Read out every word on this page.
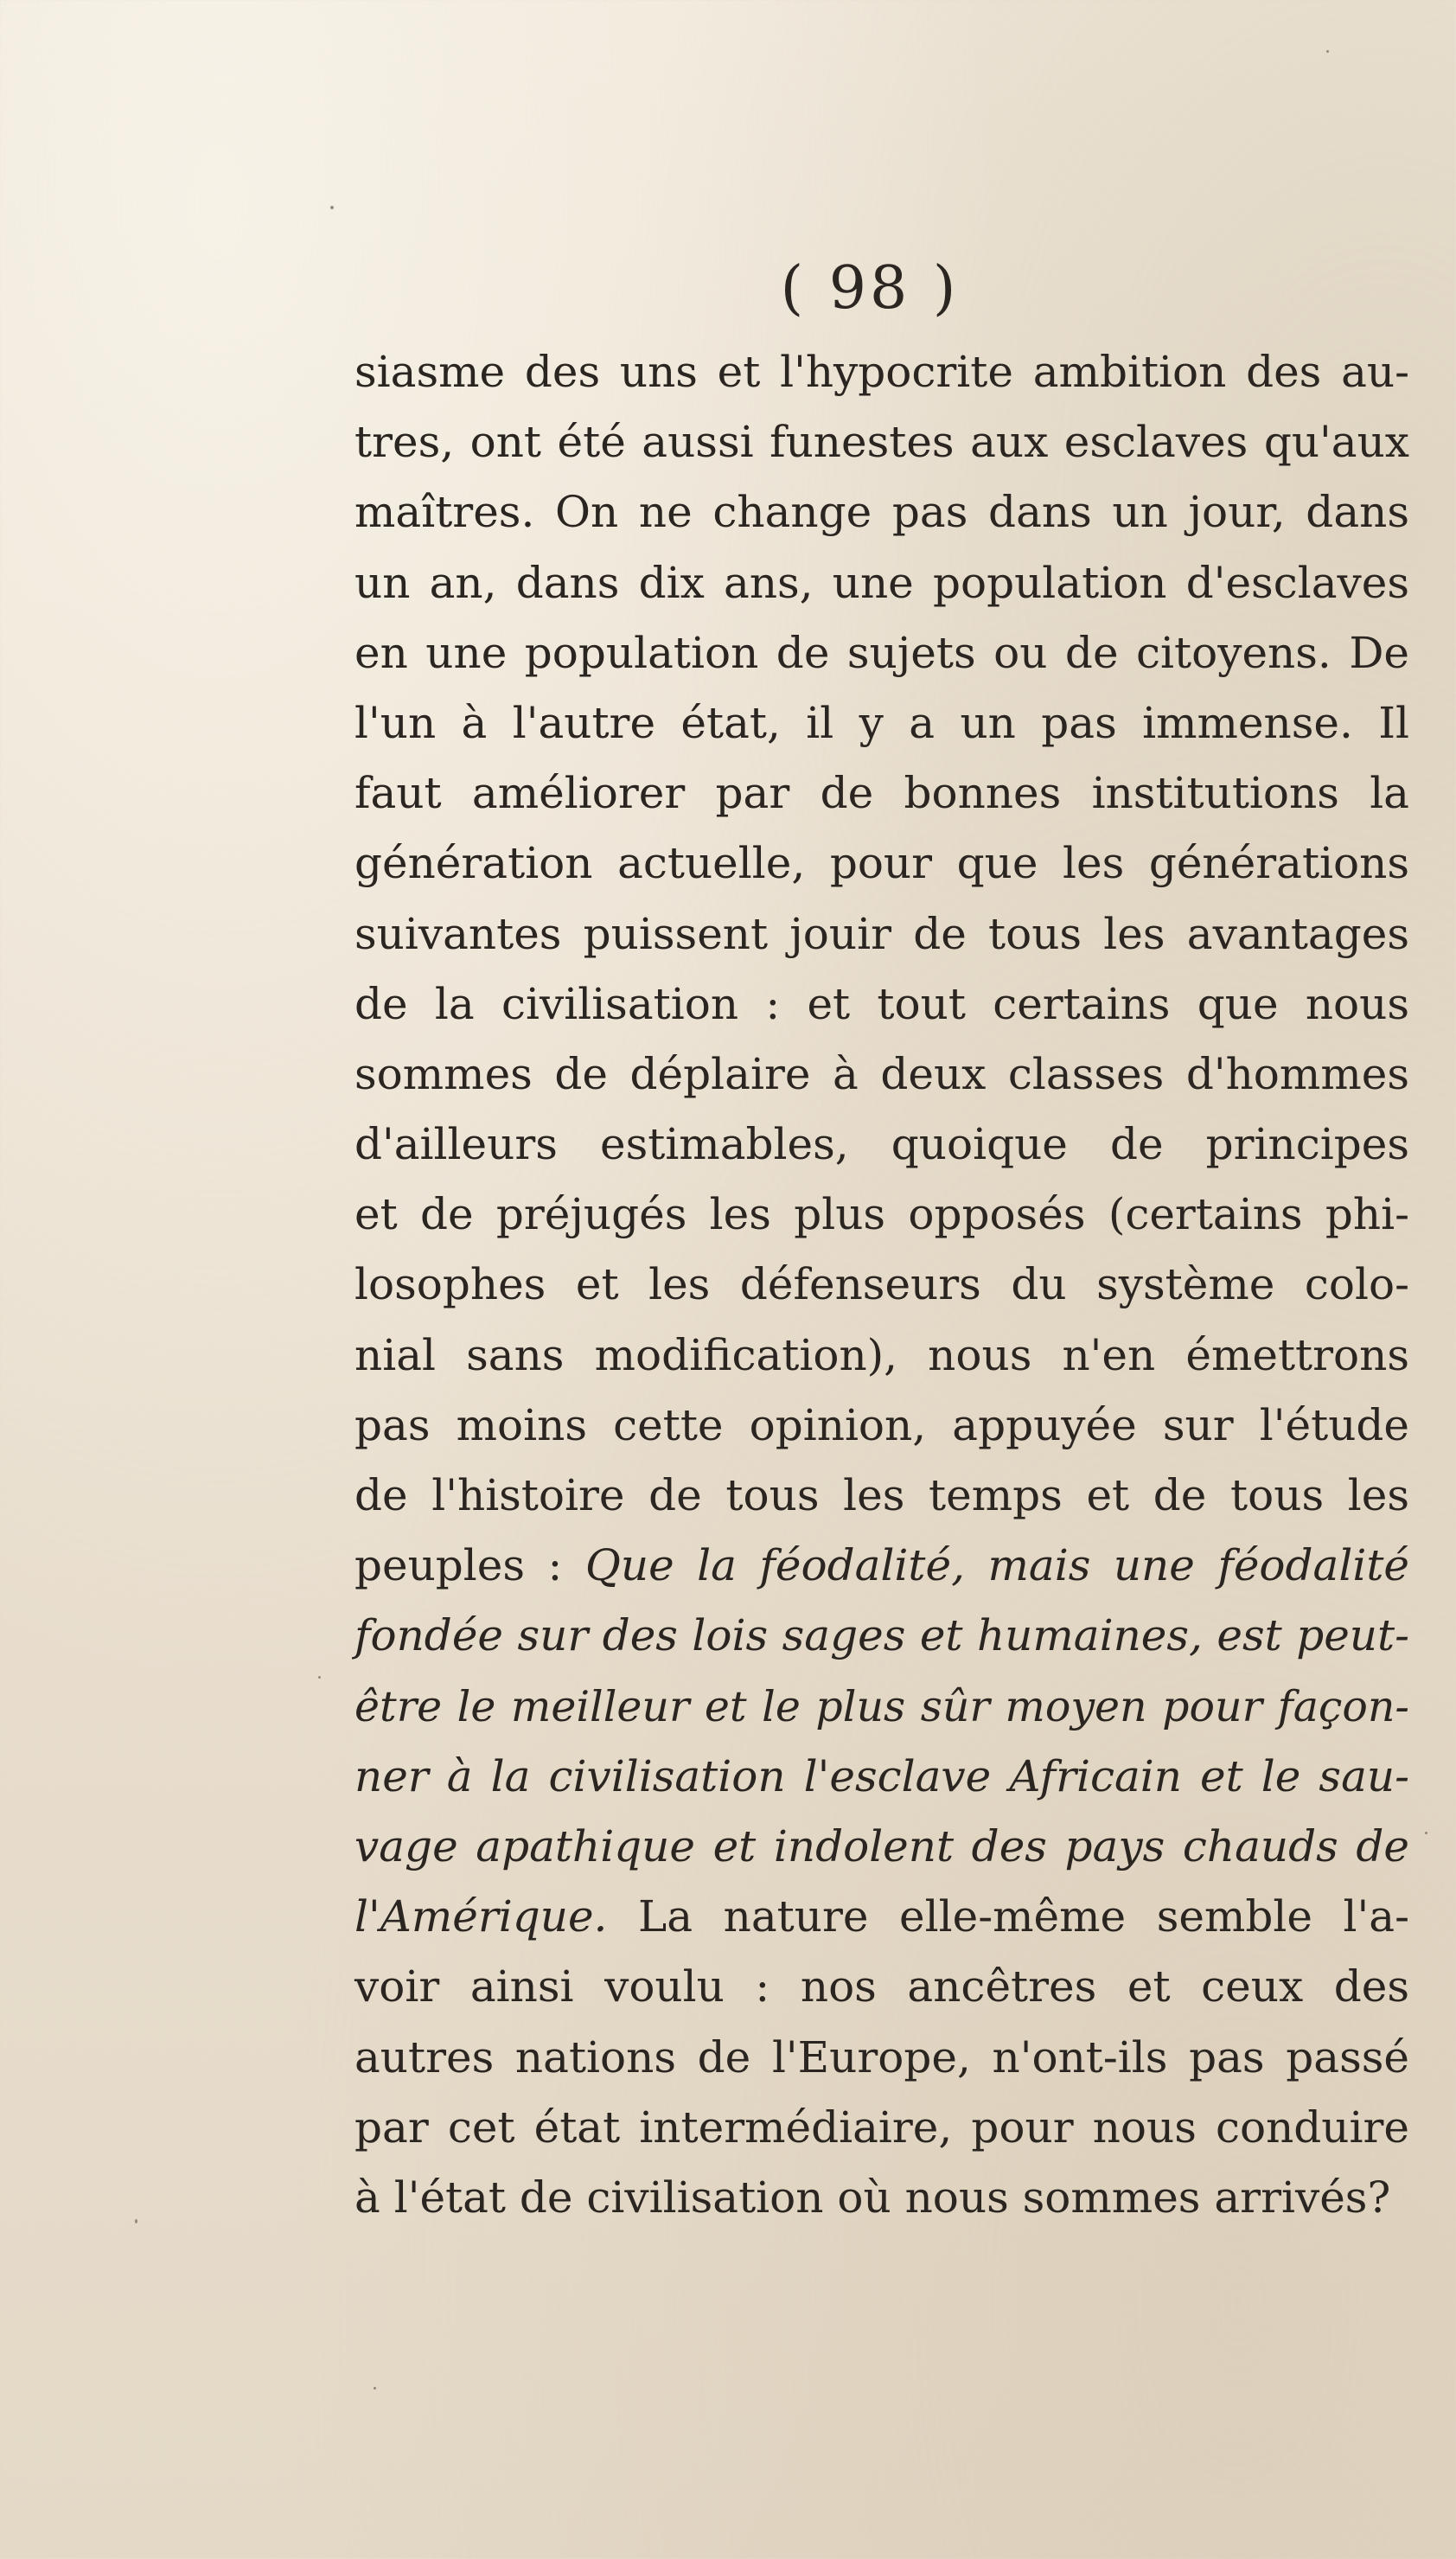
( 98 )
siasme des uns et l'hypocrite ambition des au-
tres, ont été aussi funestes aux esclaves qu'aux
maîtres. On ne change pas dans un jour, dans
un an, dans dix ans, une population d'esclaves
en une population de sujets ou de citoyens. De
l'un à l'autre état, il y a un pas immense. Il
faut améliorer par de bonnes institutions la
génération actuelle, pour que les générations
suivantes puissent jouir de tous les avantages
de la civilisation : et tout certains que nous
sommes de déplaire à deux classes d'hommes
d'ailleurs estimables, quoique de principes
et de préjugés les plus opposés (certains phi-
losophes et les défenseurs du système colo-
nial sans modification), nous n'en émettrons
pas moins cette opinion, appuyée sur l'étude
de l'histoire de tous les temps et de tous les
peuples : Que la féodalité, mais une féodalité
fondée sur des lois sages et humaines, est peut-
être le meilleur et le plus sûr moyen pour façon-
ner à la civilisation l'esclave Africain et le sau-
vage apathique et indolent des pays chauds de
l'Amérique. La nature elle-même semble l'a-
voir ainsi voulu : nos ancêtres et ceux des
autres nations de l'Europe, n'ont-ils pas passé
par cet état intermédiaire, pour nous conduire
à l'état de civilisation où nous sommes arrivés?
